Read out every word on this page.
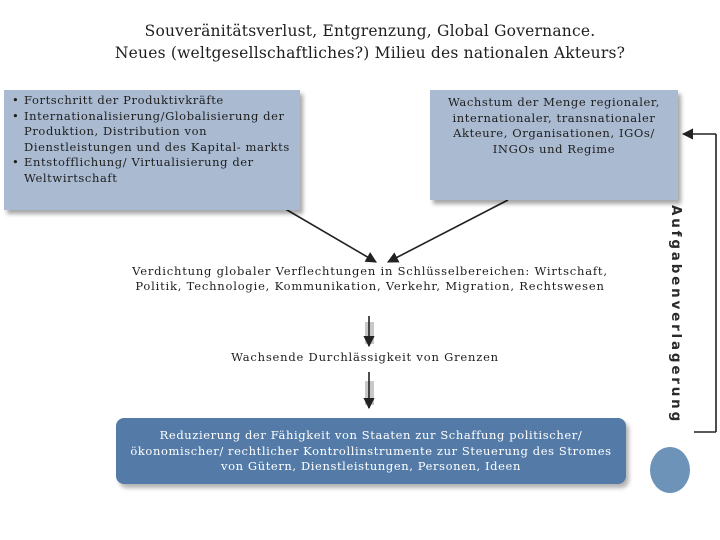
Souveränitätsverlust, Entgrenzung, Global Governance.
Neues (weltgesellschaftliches?) Milieu des nationalen Akteurs?
• Fortschritt der Produktivkräfte
• Internationalisierung/Globalisierung der Produktion, Distribution von Dienstleistungen und des Kapital- markts
• Entstofflichung/ Virtualisierung der Weltwirtschaft
Wachstum der Menge regionaler, internationaler, transnationaler Akteure, Organisationen, IGOs/ INGOs und Regime
Verdichtung globaler Verflechtungen in Schlüsselbereichen: Wirtschaft, Politik, Technologie, Kommunikation, Verkehr, Migration, Rechtswesen
Wachsende Durchlässigkeit von Grenzen
Reduzierung der Fähigkeit von Staaten zur Schaffung politischer/ ökonomischer/ rechtlicher Kontrollinstrumente zur Steuerung des Stromes von Gütern, Dienstleistungen, Personen, Ideen
Aufgabenverlagerung
